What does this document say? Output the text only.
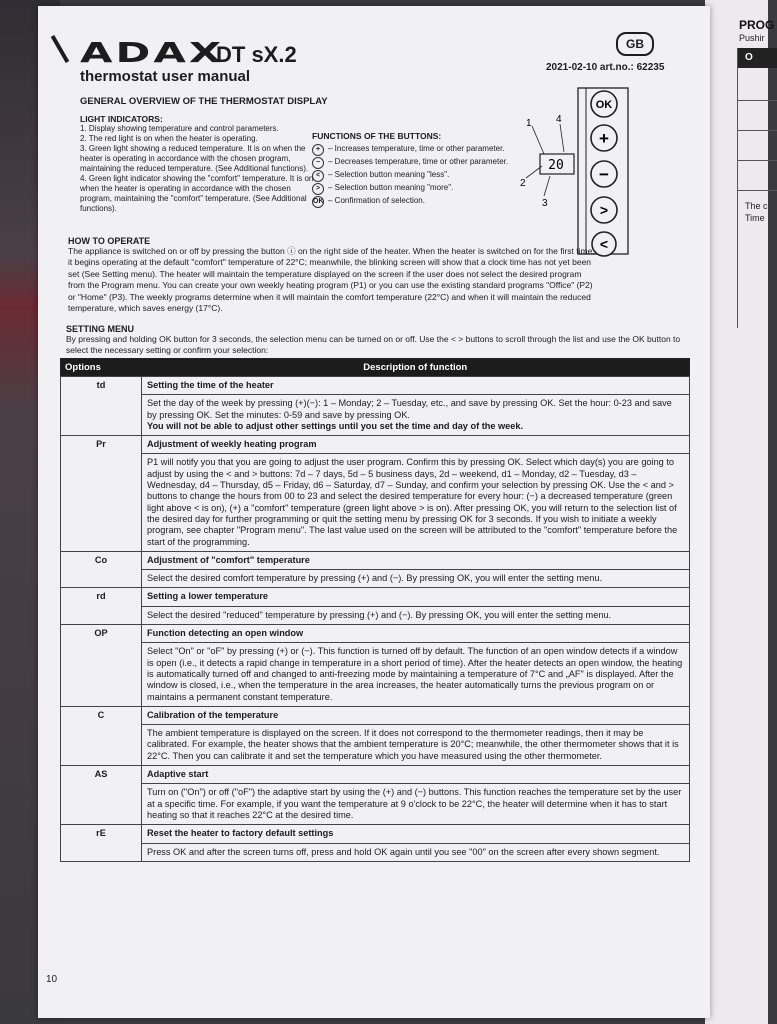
PROG
Pushir
O
The c
Time
ADAX
DT sX.2
thermostat user manual
GB
2021-02-10 art.no.: 62235
GENERAL OVERVIEW OF THE THERMOSTAT DISPLAY
LIGHT INDICATORS:
1. Display showing temperature and control parameters.
2. The red light is on when the heater is operating.
3. Green light showing a reduced temperature. It is on when the heater is operating in accordance with the chosen program, maintaining the reduced temperature. (See Additional functions).
4. Green light indicator showing the "comfort" temperature. It is on when the heater is operating in accordance with the chosen program, maintaining the "comfort" temperature. (See Additional functions).
FUNCTIONS OF THE BUTTONS:
+ – Increases temperature, time or other parameter.
− – Decreases temperature, time or other parameter.
< – Selection button meaning "less".
> – Selection button meaning "more".
OK – Confirmation of selection.
OK
+
−
>
<
20
1 4
2
3
HOW TO OPERATE
The appliance is switched on or off by pressing the button ⓘ on the right side of the heater. When the heater is switched on for the first time, it begins operating at the default "comfort" temperature of 22°C; meanwhile, the blinking screen will show that a clock time has not yet been set (See Setting menu). The heater will maintain the temperature displayed on the screen if the user does not select the desired program from the Program menu. You can create your own weekly heating program (P1) or you can use the existing standard programs "Office" (P2) or "Home" (P3). The weekly programs determine when it will maintain the comfort temperature (22°C) and when it will maintain the reduced temperature, which saves energy (17°C).
SETTING MENU
By pressing and holding OK button for 3 seconds, the selection menu can be turned on or off. Use the < > buttons to scroll through the list and use the OK button to select the necessary setting or confirm your selection:
Options	Description of function
td	Setting the time of the heater

	Set the day of the week by pressing (+)(−): 1 – Monday; 2 – Tuesday, etc., and save by pressing OK. Set the hour: 0-23 and save by pressing OK. Set the minutes: 0-59 and save by pressing OK.
You will not be able to adjust other settings until you set the time and day of the week.

Pr	Adjustment of weekly heating program
	P1 will notify you that you are going to adjust the user program. Confirm this by pressing OK. Select which day(s) you are going to adjust by using the < and > buttons: 7d – 7 days, 5d – 5 business days, 2d – weekend, d1 – Monday, d2 – Tuesday, d3 – Wednesday, d4 – Thursday, d5 – Friday, d6 – Saturday, d7 – Sunday, and confirm your selection by pressing OK. Use the < and > buttons to change the hours from 00 to 23 and select the desired temperature for every hour: (−) a decreased temperature (green light above < is on), (+) a "comfort" temperature (green light above > is on). After pressing OK, you will return to the selection list of the desired day for further programming or quit the setting menu by pressing OK for 3 seconds. If you wish to initiate a weekly program, see chapter "Program menu". The last value used on the screen will be attributed to the "comfort" temperature before the start of the programming.
Co	Adjustment of "comfort" temperature
	Select the desired comfort temperature by pressing (+) and (−). By pressing OK, you will enter the setting menu.
rd	Setting a lower temperature
	Select the desired "reduced" temperature by pressing (+) and (−). By pressing OK, you will enter the setting menu.
OP	Function detecting an open window
	Select "On" or "oF" by pressing (+) or (−). This function is turned off by default. The function of an open window detects if a window is open (i.e., it detects a rapid change in temperature in a short period of time). After the heater detects an open window, the heating is automatically turned off and changed to anti-freezing mode by maintaining a temperature of 7°C and „AF" is displayed. After the window is closed, i.e., when the temperature in the area increases, the heater automatically turns the previous program on or maintains a permanent constant temperature.
C	Calibration of the temperature
	The ambient temperature is displayed on the screen. If it does not correspond to the thermometer readings, then it may be calibrated. For example, the heater shows that the ambient temperature is 20°C; meanwhile, the other thermometer shows that it is 22°C. Then you can calibrate it and set the temperature which you have measured using the other thermometer.
AS	Adaptive start
	Turn on ("On") or off ("oF") the adaptive start by using the (+) and (−) buttons. This function reaches the temperature set by the user at a specific time. For example, if you want the temperature at 9 o'clock to be 22°C, the heater will determine when it has to start heating so that it reaches 22°C at the desired time.
rE	Reset the heater to factory default settings
	Press OK and after the screen turns off, press and hold OK again until you see "00" on the screen after every shown segment.
10
